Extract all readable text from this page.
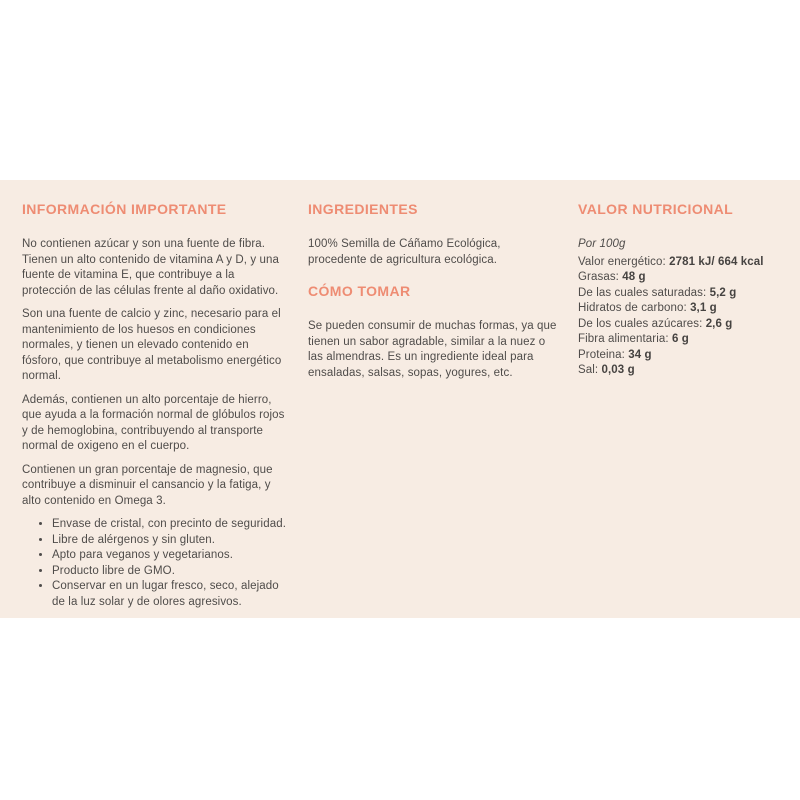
INFORMACIÓN IMPORTANTE

No contienen azúcar y son una fuente de fibra. Tienen un alto contenido de vitamina A y D, y una fuente de vitamina E, que contribuye a la protección de las células frente al daño oxidativo.

Son una fuente de calcio y zinc, necesario para el mantenimiento de los huesos en condiciones normales, y tienen un elevado contenido en fósforo, que contribuye al metabolismo energético normal.

Además, contienen un alto porcentaje de hierro, que ayuda a la formación normal de glóbulos rojos y de hemoglobina, contribuyendo al transporte normal de oxigeno en el cuerpo.

Contienen un gran porcentaje de magnesio, que contribuye a disminuir el cansancio y la fatiga, y alto contenido en Omega 3.

• Envase de cristal, con precinto de seguridad.
• Libre de alérgenos y sin gluten.
• Apto para veganos y vegetarianos.
• Producto libre de GMO.
• Conservar en un lugar fresco, seco, alejado de la luz solar y de olores agresivos.
INGREDIENTES

100% Semilla de Cáñamo Ecológica, procedente de agricultura ecológica.

CÓMO TOMAR

Se pueden consumir de muchas formas, ya que tienen un sabor agradable, similar a la nuez o las almendras. Es un ingrediente ideal para ensaladas, salsas, sopas, yogures, etc.

VALOR NUTRICIONAL

Por 100g

Valor energético: 2781 kJ/ 664 kcal
Grasas: 48 g
De las cuales saturadas: 5,2 g
Hidratos de carbono: 3,1 g
De los cuales azúcares: 2,6 g
Fibra alimentaria: 6 g
Proteina: 34 g
Sal: 0,03 g
